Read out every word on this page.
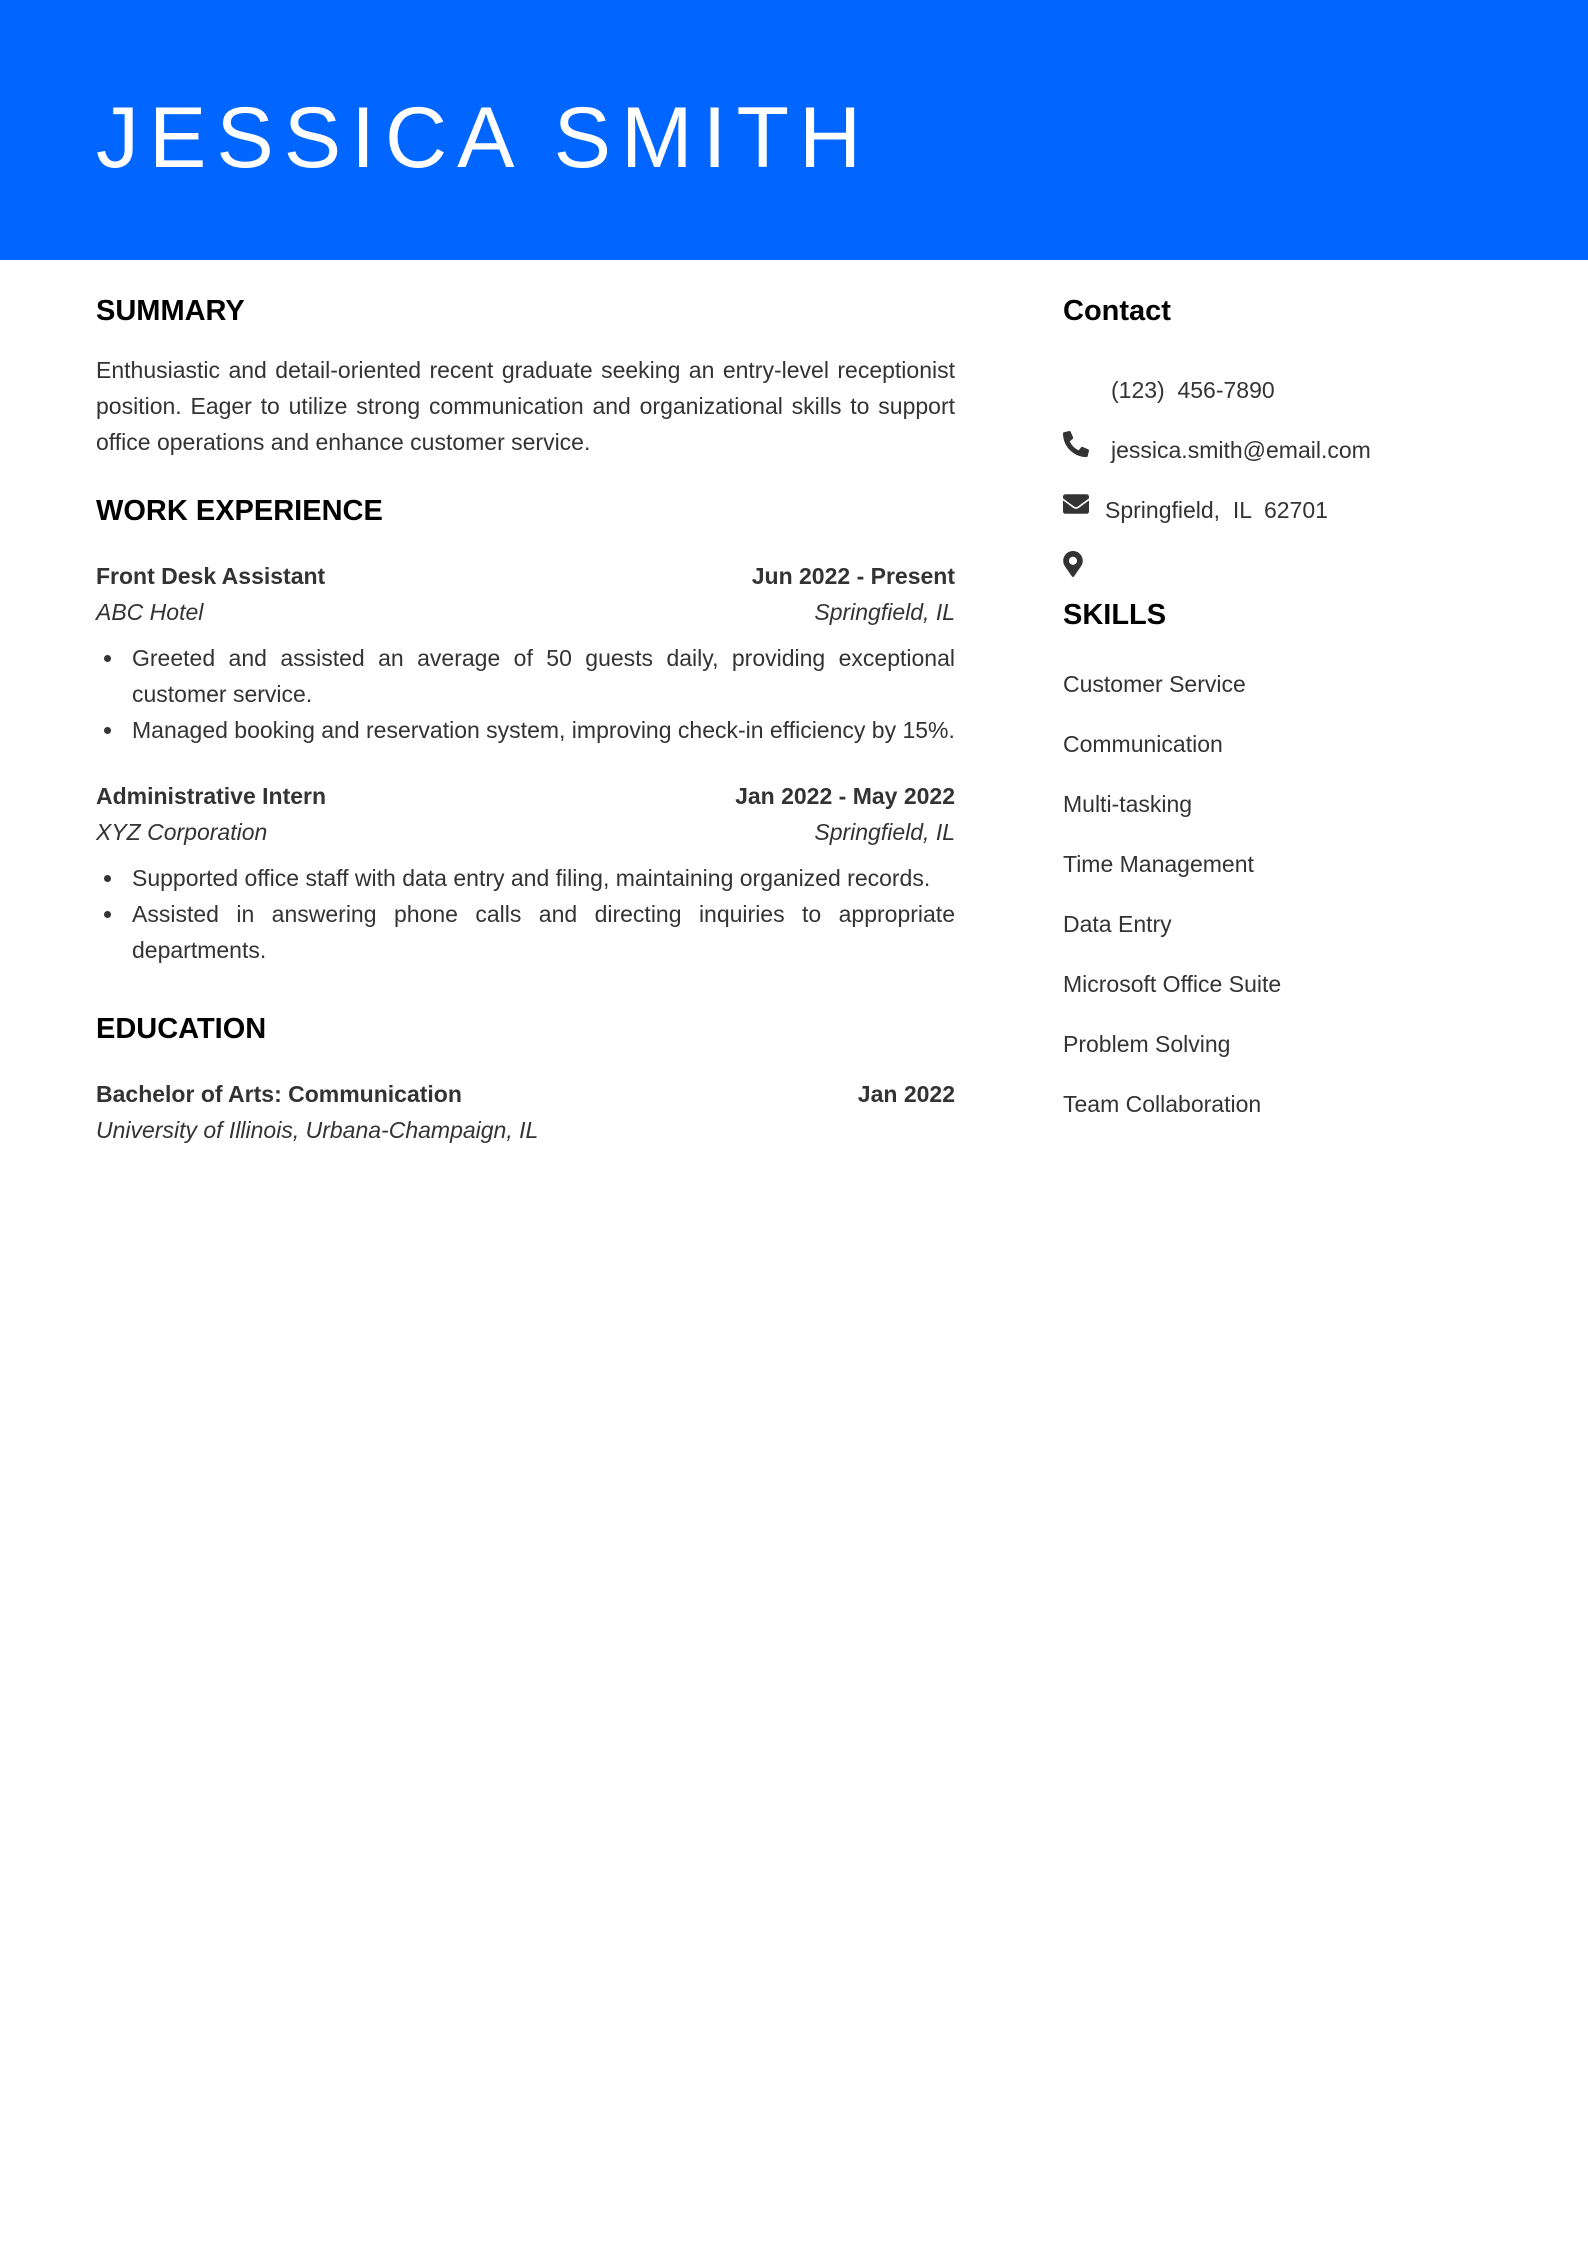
JESSICA SMITH
SUMMARY

Enthusiastic and detail-oriented recent graduate seeking an entry-level receptionist position. Eager to utilize strong communication and organizational skills to support office operations and enhance customer service.

WORK EXPERIENCE
Front Desk Assistant	Jun 2022 - Present
ABC Hotel	Springfield, IL
Greeted and assisted an average of 50 guests daily, providing exceptional customer service.
Managed booking and reservation system, improving check-in efficiency by 15%.
Administrative Intern	Jan 2022 - May 2022
XYZ Corporation	Springfield, IL
Supported office staff with data entry and filing, maintaining organized records.
Assisted in answering phone calls and directing inquiries to appropriate departments.
EDUCATION
Bachelor of Arts: Communication	Jan 2022
University of Illinois, Urbana-Champaign, IL
Contact

(123)  456-7890

jessica.smith@email.com

Springfield,  IL  62701
SKILLS
Customer Service
Communication
Multi-tasking
Time Management
Data Entry
Microsoft Office Suite
Problem Solving
Team Collaboration
